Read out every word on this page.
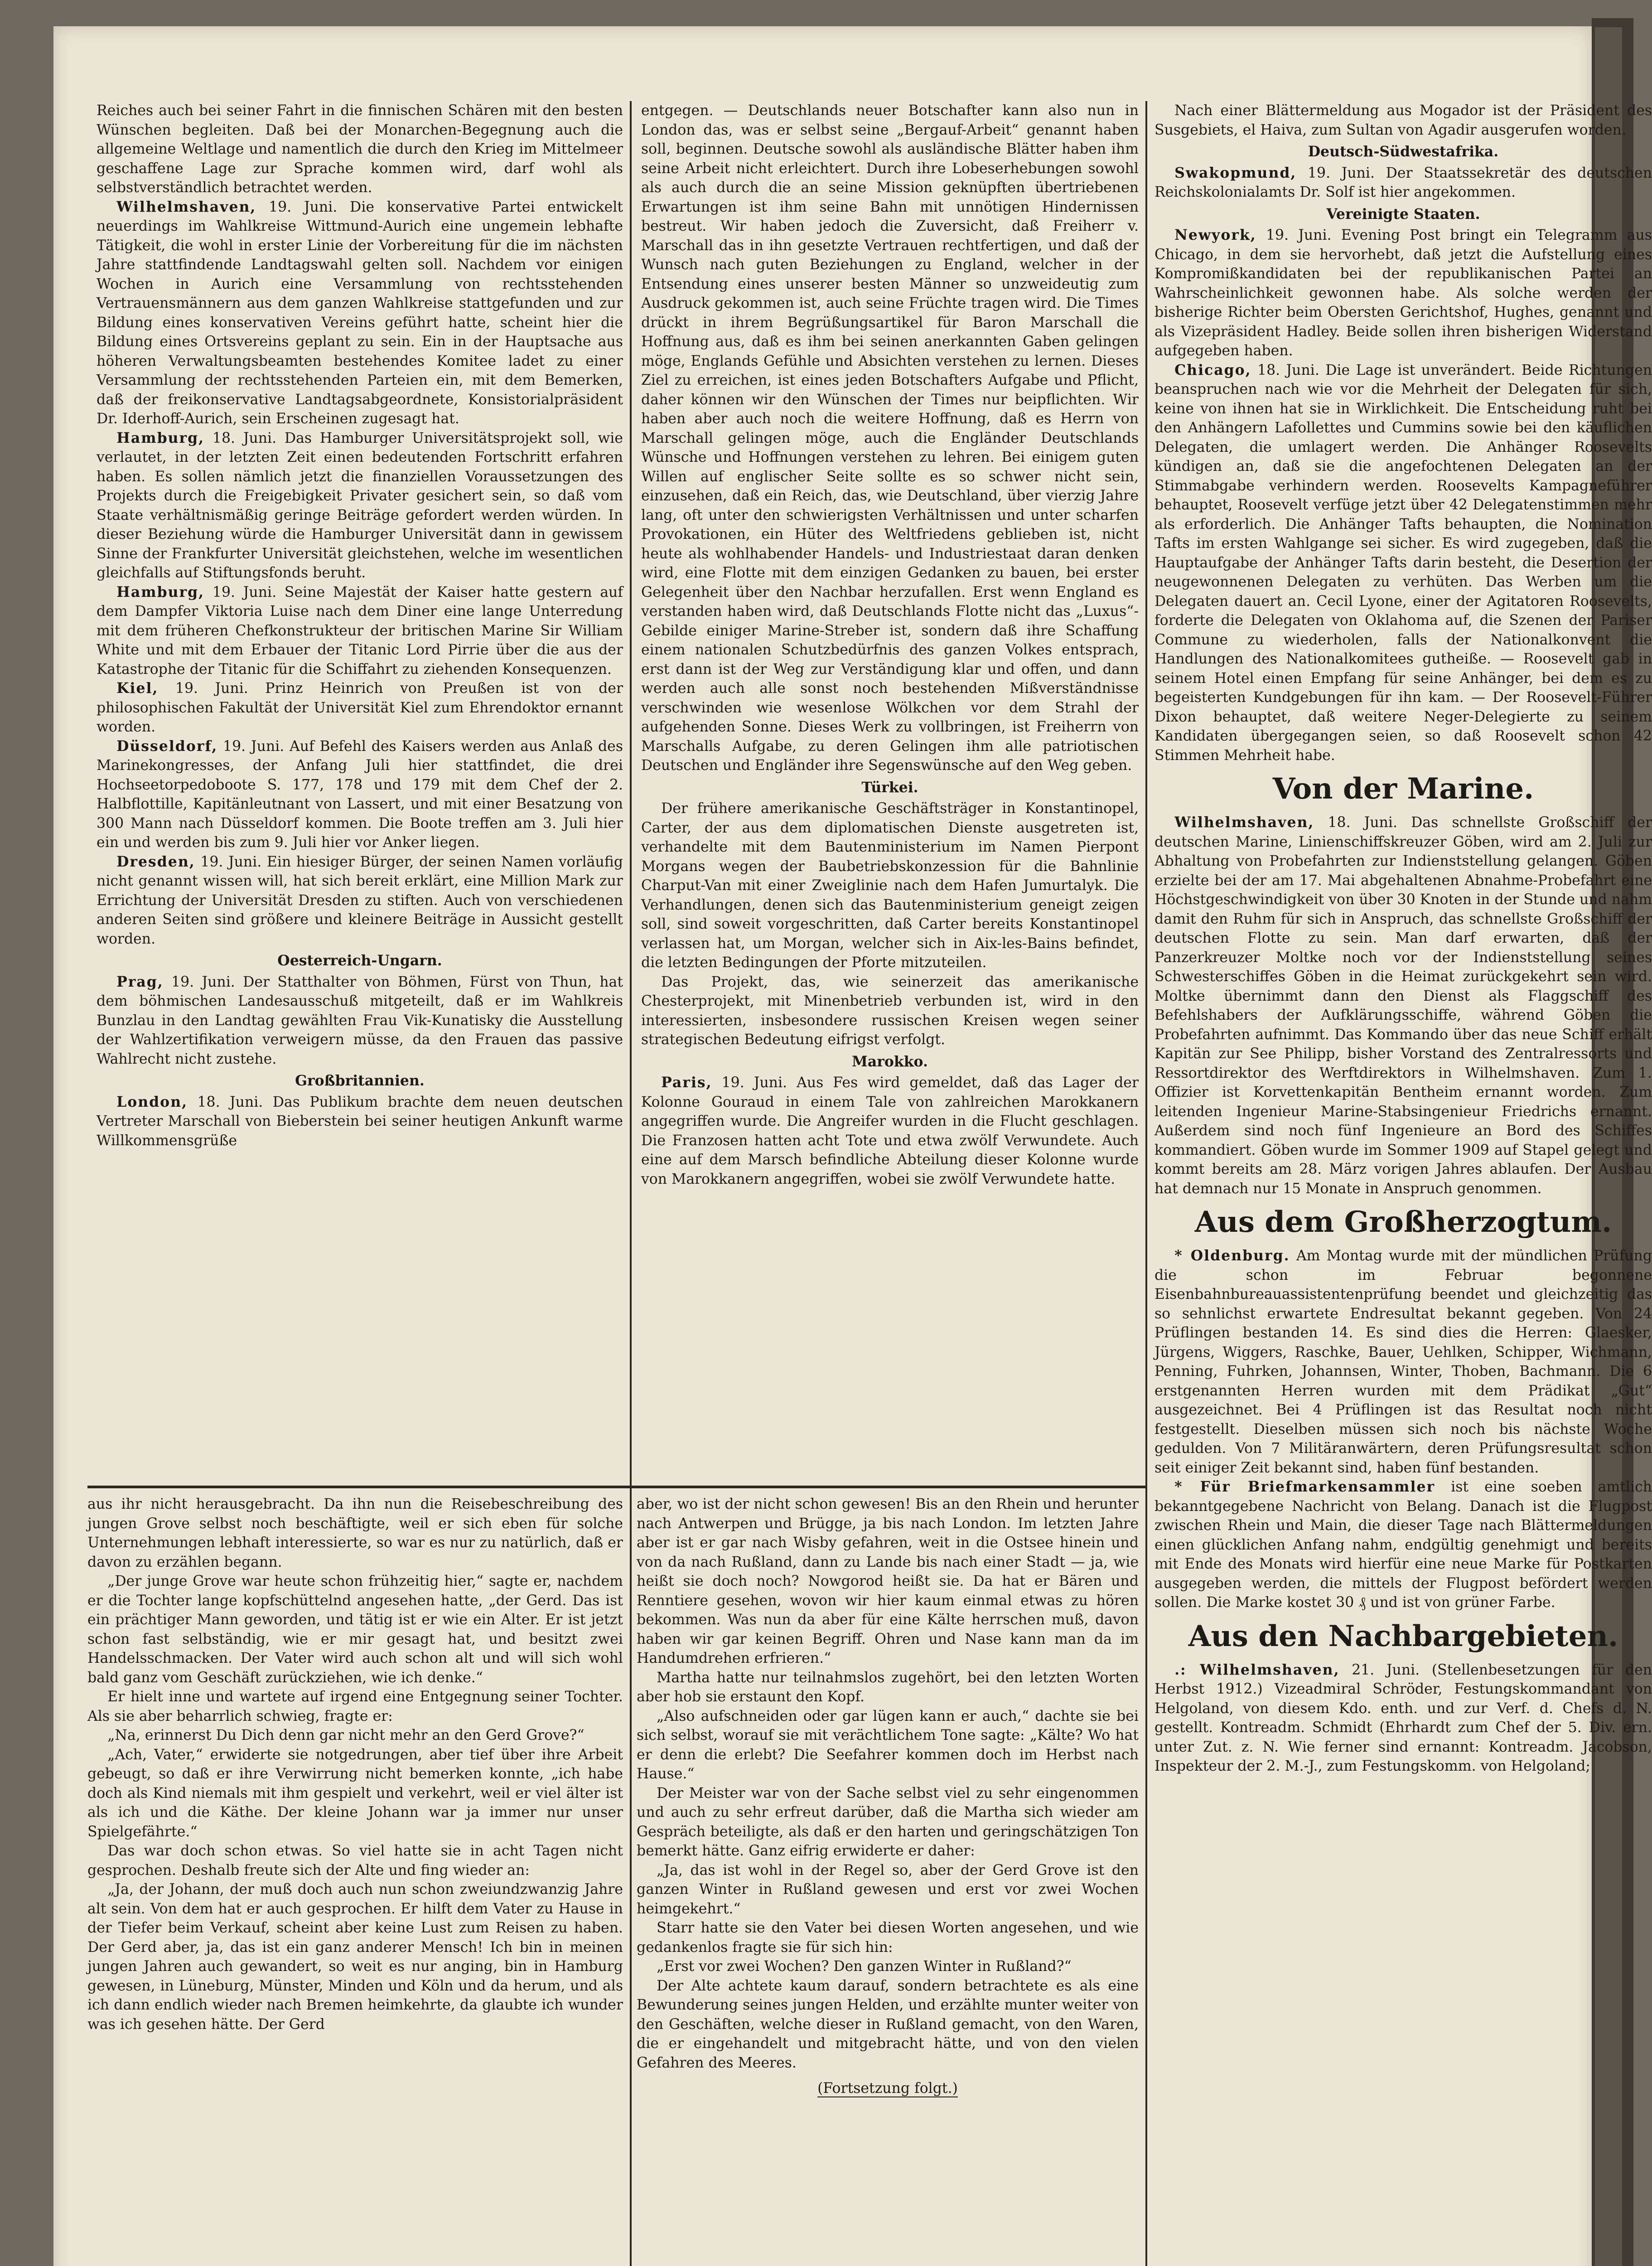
Reiches auch bei seiner Fahrt in die finnischen Schären mit den besten Wünschen begleiten. Daß bei der Monarchen-Begegnung auch die allgemeine Weltlage und namentlich die durch den Krieg im Mittelmeer geschaffene Lage zur Sprache kommen wird, darf wohl als selbstverständlich betrachtet werden.

Wilhelmshaven, 19. Juni. Die konservative Partei entwickelt neuerdings im Wahlkreise Wittmund-Aurich eine ungemein lebhafte Tätigkeit, die wohl in erster Linie der Vorbereitung für die im nächsten Jahre stattfindende Landtagswahl gelten soll. Nachdem vor einigen Wochen in Aurich eine Versammlung von rechtsstehenden Vertrauensmännern aus dem ganzen Wahlkreise stattgefunden und zur Bildung eines konservativen Vereins geführt hatte, scheint hier die Bildung eines Ortsvereins geplant zu sein. Ein in der Hauptsache aus höheren Verwaltungsbeamten bestehendes Komitee ladet zu einer Versammlung der rechtsstehenden Parteien ein, mit dem Bemerken, daß der freikonservative Landtagsabgeordnete, Konsistorialpräsident Dr. Iderhoff-Aurich, sein Erscheinen zugesagt hat.

Hamburg, 18. Juni. Das Hamburger Universitätsprojekt soll, wie verlautet, in der letzten Zeit einen bedeutenden Fortschritt erfahren haben. Es sollen nämlich jetzt die finanziellen Voraussetzungen des Projekts durch die Freigebigkeit Privater gesichert sein, so daß vom Staate verhältnismäßig geringe Beiträge gefordert werden würden. In dieser Beziehung würde die Hamburger Universität dann in gewissem Sinne der Frankfurter Universität gleichstehen, welche im wesentlichen gleichfalls auf Stiftungsfonds beruht.

Hamburg, 19. Juni. Seine Majestät der Kaiser hatte gestern auf dem Dampfer Viktoria Luise nach dem Diner eine lange Unterredung mit dem früheren Chefkonstrukteur der britischen Marine Sir William White und mit dem Erbauer der Titanic Lord Pirrie über die aus der Katastrophe der Titanic für die Schiffahrt zu ziehenden Konsequenzen.

Kiel, 19. Juni. Prinz Heinrich von Preußen ist von der philosophischen Fakultät der Universität Kiel zum Ehrendoktor ernannt worden.

Düsseldorf, 19. Juni. Auf Befehl des Kaisers werden aus Anlaß des Marinekongresses, der Anfang Juli hier stattfindet, die drei Hochseetorpedoboote S. 177, 178 und 179 mit dem Chef der 2. Halbflottille, Kapitänleutnant von Lassert, und mit einer Besatzung von 300 Mann nach Düsseldorf kommen. Die Boote treffen am 3. Juli hier ein und werden bis zum 9. Juli hier vor Anker liegen.

Dresden, 19. Juni. Ein hiesiger Bürger, der seinen Namen vorläufig nicht genannt wissen will, hat sich bereit erklärt, eine Million Mark zur Errichtung der Universität Dresden zu stiften. Auch von verschiedenen anderen Seiten sind größere und kleinere Beiträge in Aussicht gestellt worden.

Oesterreich-Ungarn.

Prag, 19. Juni. Der Statthalter von Böhmen, Fürst von Thun, hat dem böhmischen Landesausschuß mitgeteilt, daß er im Wahlkreis Bunzlau in den Landtag gewählten Frau Vik-Kunatisky die Ausstellung der Wahlzertifikation verweigern müsse, da den Frauen das passive Wahlrecht nicht zustehe.

Großbritannien.

London, 18. Juni. Das Publikum brachte dem neuen deutschen Vertreter Marschall von Bieberstein bei seiner heutigen Ankunft warme Willkommensgrüße

entgegen. — Deutschlands neuer Botschafter kann also nun in London das, was er selbst seine „Bergauf-Arbeit“ genannt haben soll, beginnen. Deutsche sowohl als ausländische Blätter haben ihm seine Arbeit nicht erleichtert. Durch ihre Lobeserhebungen sowohl als auch durch die an seine Mission geknüpften übertriebenen Erwartungen ist ihm seine Bahn mit unnötigen Hindernissen bestreut. Wir haben jedoch die Zuversicht, daß Freiherr v. Marschall das in ihn gesetzte Vertrauen rechtfertigen, und daß der Wunsch nach guten Beziehungen zu England, welcher in der Entsendung eines unserer besten Männer so unzweideutig zum Ausdruck gekommen ist, auch seine Früchte tragen wird. Die Times drückt in ihrem Begrüßungsartikel für Baron Marschall die Hoffnung aus, daß es ihm bei seinen anerkannten Gaben gelingen möge, Englands Gefühle und Absichten verstehen zu lernen. Dieses Ziel zu erreichen, ist eines jeden Botschafters Aufgabe und Pflicht, daher können wir den Wünschen der Times nur beipflichten. Wir haben aber auch noch die weitere Hoffnung, daß es Herrn von Marschall gelingen möge, auch die Engländer Deutschlands Wünsche und Hoffnungen verstehen zu lehren. Bei einigem guten Willen auf englischer Seite sollte es so schwer nicht sein, einzusehen, daß ein Reich, das, wie Deutschland, über vierzig Jahre lang, oft unter den schwierigsten Verhältnissen und unter scharfen Provokationen, ein Hüter des Weltfriedens geblieben ist, nicht heute als wohlhabender Handels- und Industriestaat daran denken wird, eine Flotte mit dem einzigen Gedanken zu bauen, bei erster Gelegenheit über den Nachbar herzufallen. Erst wenn England es verstanden haben wird, daß Deutschlands Flotte nicht das „Luxus“-Gebilde einiger Marine-Streber ist, sondern daß ihre Schaffung einem nationalen Schutzbedürfnis des ganzen Volkes entsprach, erst dann ist der Weg zur Verständigung klar und offen, und dann werden auch alle sonst noch bestehenden Mißverständnisse verschwinden wie wesenlose Wölkchen vor dem Strahl der aufgehenden Sonne. Dieses Werk zu vollbringen, ist Freiherrn von Marschalls Aufgabe, zu deren Gelingen ihm alle patriotischen Deutschen und Engländer ihre Segenswünsche auf den Weg geben.

Türkei.

Der frühere amerikanische Geschäftsträger in Konstantinopel, Carter, der aus dem diplomatischen Dienste ausgetreten ist, verhandelte mit dem Bautenministerium im Namen Pierpont Morgans wegen der Baubetriebskonzession für die Bahnlinie Charput-Van mit einer Zweiglinie nach dem Hafen Jumurtalyk. Die Verhandlungen, denen sich das Bautenministerium geneigt zeigen soll, sind soweit vorgeschritten, daß Carter bereits Konstantinopel verlassen hat, um Morgan, welcher sich in Aix-les-Bains befindet, die letzten Bedingungen der Pforte mitzuteilen.

Das Projekt, das, wie seinerzeit das amerikanische Chesterprojekt, mit Minenbetrieb verbunden ist, wird in den interessierten, insbesondere russischen Kreisen wegen seiner strategischen Bedeutung eifrigst verfolgt.

Marokko.

Paris, 19. Juni. Aus Fes wird gemeldet, daß das Lager der Kolonne Gouraud in einem Tale von zahlreichen Marokkanern angegriffen wurde. Die Angreifer wurden in die Flucht geschlagen. Die Franzosen hatten acht Tote und etwa zwölf Verwundete. Auch eine auf dem Marsch befindliche Abteilung dieser Kolonne wurde von Marokkanern angegriffen, wobei sie zwölf Verwundete hatte.

Nach einer Blättermeldung aus Mogador ist der Präsident des Susgebiets, el Haiva, zum Sultan von Agadir ausgerufen worden.

Deutsch-Südwestafrika.

Swakopmund, 19. Juni. Der Staatssekretär des deutschen Reichskolonialamts Dr. Solf ist hier angekommen.

Vereinigte Staaten.

Newyork, 19. Juni. Evening Post bringt ein Telegramm aus Chicago, in dem sie hervorhebt, daß jetzt die Aufstellung eines Kompromißkandidaten bei der republikanischen Partei an Wahrscheinlichkeit gewonnen habe. Als solche werden der bisherige Richter beim Obersten Gerichtshof, Hughes, genannt und als Vizepräsident Hadley. Beide sollen ihren bisherigen Widerstand aufgegeben haben.

Chicago, 18. Juni. Die Lage ist unverändert. Beide Richtungen beanspruchen nach wie vor die Mehrheit der Delegaten für sich, keine von ihnen hat sie in Wirklichkeit. Die Entscheidung ruht bei den Anhängern Lafollettes und Cummins sowie bei den käuflichen Delegaten, die umlagert werden. Die Anhänger Roosevelts kündigen an, daß sie die angefochtenen Delegaten an der Stimmabgabe verhindern werden. Roosevelts Kampagneführer behauptet, Roosevelt verfüge jetzt über 42 Delegatenstimmen mehr als erforderlich. Die Anhänger Tafts behaupten, die Nomination Tafts im ersten Wahlgange sei sicher. Es wird zugegeben, daß die Hauptaufgabe der Anhänger Tafts darin besteht, die Desertion der neugewonnenen Delegaten zu verhüten. Das Werben um die Delegaten dauert an. Cecil Lyone, einer der Agitatoren Roosevelts, forderte die Delegaten von Oklahoma auf, die Szenen der Pariser Commune zu wiederholen, falls der Nationalkonvent die Handlungen des Nationalkomitees gutheiße. — Roosevelt gab in seinem Hotel einen Empfang für seine Anhänger, bei dem es zu begeisterten Kundgebungen für ihn kam. — Der Roosevelt-Führer Dixon behauptet, daß weitere Neger-Delegierte zu seinem Kandidaten übergegangen seien, so daß Roosevelt schon 42 Stimmen Mehrheit habe.

Von der Marine.

Wilhelmshaven, 18. Juni. Das schnellste Großschiff der deutschen Marine, Linienschiffskreuzer Göben, wird am 2. Juli zur Abhaltung von Probefahrten zur Indienststellung gelangen. Göben erzielte bei der am 17. Mai abgehaltenen Abnahme-Probefahrt eine Höchstgeschwindigkeit von über 30 Knoten in der Stunde und nahm damit den Ruhm für sich in Anspruch, das schnellste Großschiff der deutschen Flotte zu sein. Man darf erwarten, daß der Panzerkreuzer Moltke noch vor der Indienststellung seines Schwesterschiffes Göben in die Heimat zurückgekehrt sein wird. Moltke übernimmt dann den Dienst als Flaggschiff des Befehlshabers der Aufklärungsschiffe, während Göben die Probefahrten aufnimmt. Das Kommando über das neue Schiff erhält Kapitän zur See Philipp, bisher Vorstand des Zentralressorts und Ressortdirektor des Werftdirektors in Wilhelmshaven. Zum 1. Offizier ist Korvettenkapitän Bentheim ernannt worden. Zum leitenden Ingenieur Marine-Stabsingenieur Friedrichs ernannt. Außerdem sind noch fünf Ingenieure an Bord des Schiffes kommandiert. Göben wurde im Sommer 1909 auf Stapel gelegt und kommt bereits am 28. März vorigen Jahres ablaufen. Der Ausbau hat demnach nur 15 Monate in Anspruch genommen.

Aus dem Großherzogtum.

* Oldenburg. Am Montag wurde mit der mündlichen Prüfung die schon im Februar begonnene Eisenbahnbureauassistentenprüfung beendet und gleichzeitig das so sehnlichst erwartete Endresultat bekannt gegeben. Von 24 Prüflingen bestanden 14. Es sind dies die Herren: Glaesker, Jürgens, Wiggers, Raschke, Bauer, Uehlken, Schipper, Wichmann, Penning, Fuhrken, Johannsen, Winter, Thoben, Bachmann. Die 6 erstgenannten Herren wurden mit dem Prädikat „Gut“ ausgezeichnet. Bei 4 Prüflingen ist das Resultat noch nicht festgestellt. Dieselben müssen sich noch bis nächste Woche gedulden. Von 7 Militäranwärtern, deren Prüfungsresultat schon seit einiger Zeit bekannt sind, haben fünf bestanden.

* Für Briefmarkensammler ist eine soeben amtlich bekanntgegebene Nachricht von Belang. Danach ist die Flugpost zwischen Rhein und Main, die dieser Tage nach Blättermeldungen einen glücklichen Anfang nahm, endgültig genehmigt und bereits mit Ende des Monats wird hierfür eine neue Marke für Postkarten ausgegeben werden, die mittels der Flugpost befördert werden sollen. Die Marke kostet 30 ₰ und ist von grüner Farbe.

Aus den Nachbargebieten.

.: Wilhelmshaven, 21. Juni. (Stellenbesetzungen für den Herbst 1912.) Vizeadmiral Schröder, Festungskommandant von Helgoland, von diesem Kdo. enth. und zur Verf. d. Chefs d. N. gestellt. Kontreadm. Schmidt (Ehrhardt zum Chef der 5. Div. ern. unter Zut. z. N. Wie ferner sind ernannt: Kontreadm. Jacobson, Inspekteur der 2. M.-J., zum Festungskomm. von Helgoland;

aus ihr nicht herausgebracht. Da ihn nun die Reisebeschreibung des jungen Grove selbst noch beschäftigte, weil er sich eben für solche Unternehmungen lebhaft interessierte, so war es nur zu natürlich, daß er davon zu erzählen begann.

„Der junge Grove war heute schon frühzeitig hier,“ sagte er, nachdem er die Tochter lange kopfschüttelnd angesehen hatte, „der Gerd. Das ist ein prächtiger Mann geworden, und tätig ist er wie ein Alter. Er ist jetzt schon fast selbständig, wie er mir gesagt hat, und besitzt zwei Handelsschmacken. Der Vater wird auch schon alt und will sich wohl bald ganz vom Geschäft zurückziehen, wie ich denke.“

Er hielt inne und wartete auf irgend eine Entgegnung seiner Tochter. Als sie aber beharrlich schwieg, fragte er:

„Na, erinnerst Du Dich denn gar nicht mehr an den Gerd Grove?“

„Ach, Vater,“ erwiderte sie notgedrungen, aber tief über ihre Arbeit gebeugt, so daß er ihre Verwirrung nicht bemerken konnte, „ich habe doch als Kind niemals mit ihm gespielt und verkehrt, weil er viel älter ist als ich und die Käthe. Der kleine Johann war ja immer nur unser Spielgefährte.“

Das war doch schon etwas. So viel hatte sie in acht Tagen nicht gesprochen. Deshalb freute sich der Alte und fing wieder an:

„Ja, der Johann, der muß doch auch nun schon zweiundzwanzig Jahre alt sein. Von dem hat er auch gesprochen. Er hilft dem Vater zu Hause in der Tiefer beim Verkauf, scheint aber keine Lust zum Reisen zu haben. Der Gerd aber, ja, das ist ein ganz anderer Mensch! Ich bin in meinen jungen Jahren auch gewandert, so weit es nur anging, bin in Hamburg gewesen, in Lüneburg, Münster, Minden und Köln und da herum, und als ich dann endlich wieder nach Bremen heimkehrte, da glaubte ich wunder was ich gesehen hätte. Der Gerd

aber, wo ist der nicht schon gewesen! Bis an den Rhein und herunter nach Antwerpen und Brügge, ja bis nach London. Im letzten Jahre aber ist er gar nach Wisby gefahren, weit in die Ostsee hinein und von da nach Rußland, dann zu Lande bis nach einer Stadt — ja, wie heißt sie doch noch? Nowgorod heißt sie. Da hat er Bären und Renntiere gesehen, wovon wir hier kaum einmal etwas zu hören bekommen. Was nun da aber für eine Kälte herrschen muß, davon haben wir gar keinen Begriff. Ohren und Nase kann man da im Handumdrehen erfrieren.“

Martha hatte nur teilnahmslos zugehört, bei den letzten Worten aber hob sie erstaunt den Kopf.

„Also aufschneiden oder gar lügen kann er auch,“ dachte sie bei sich selbst, worauf sie mit verächtlichem Tone sagte: „Kälte? Wo hat er denn die erlebt? Die Seefahrer kommen doch im Herbst nach Hause.“

Der Meister war von der Sache selbst viel zu sehr eingenommen und auch zu sehr erfreut darüber, daß die Martha sich wieder am Gespräch beteiligte, als daß er den harten und geringschätzigen Ton bemerkt hätte. Ganz eifrig erwiderte er daher:

„Ja, das ist wohl in der Regel so, aber der Gerd Grove ist den ganzen Winter in Rußland gewesen und erst vor zwei Wochen heimgekehrt.“

Starr hatte sie den Vater bei diesen Worten angesehen, und wie gedankenlos fragte sie für sich hin:

„Erst vor zwei Wochen? Den ganzen Winter in Rußland?“

Der Alte achtete kaum darauf, sondern betrachtete es als eine Bewunderung seines jungen Helden, und erzählte munter weiter von den Geschäften, welche dieser in Rußland gemacht, von den Waren, die er eingehandelt und mitgebracht hätte, und von den vielen Gefahren des Meeres.

(Fortsetzung folgt.)
